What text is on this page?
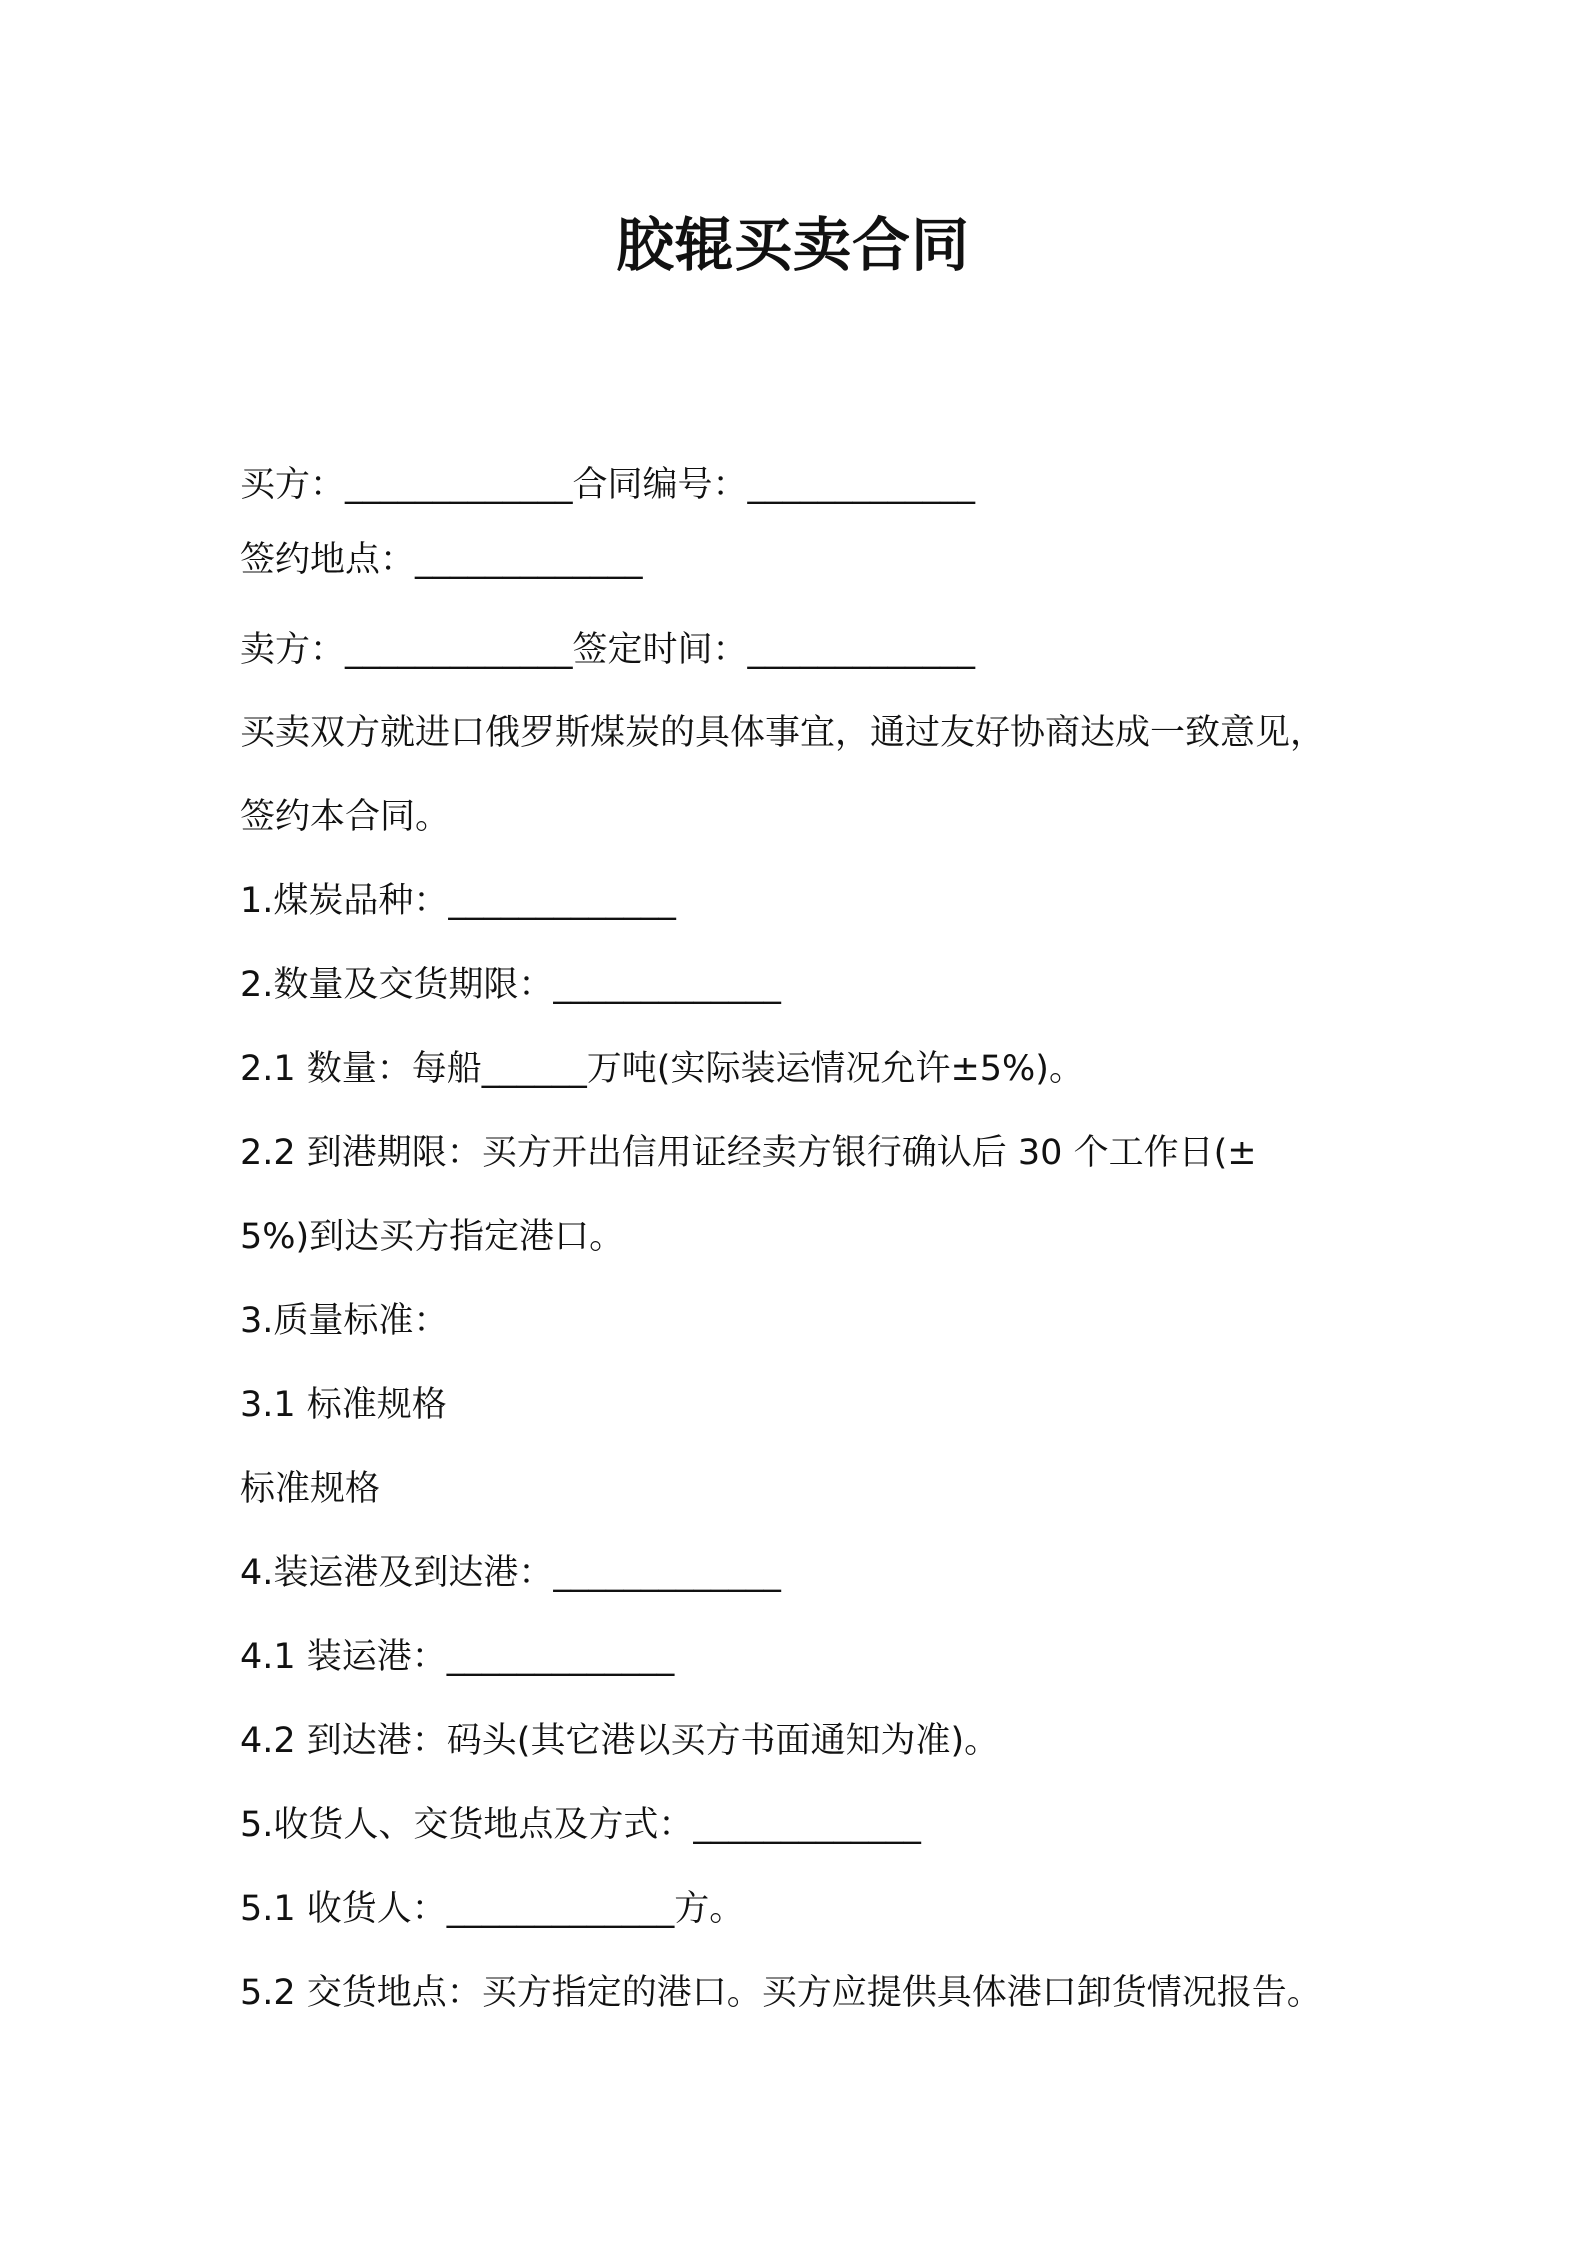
胶辊买卖合同
买方：_____________合同编号：_____________
签约地点：_____________
卖方：_____________签定时间：_____________
买卖双方就进口俄罗斯煤炭的具体事宜，通过友好协商达成一致意见，
签约本合同。
1.煤炭品种：_____________
2.数量及交货期限：_____________
2.1 数量：每船______万吨(实际装运情况允许±5%)。
2.2 到港期限：买方开出信用证经卖方银行确认后 30 个工作日(±
5%)到达买方指定港口。
3.质量标准：
3.1 标准规格
标准规格
4.装运港及到达港：_____________
4.1 装运港：_____________
4.2 到达港：码头(其它港以买方书面通知为准)。
5.收货人、交货地点及方式：_____________
5.1 收货人：_____________方。
5.2 交货地点：买方指定的港口。买方应提供具体港口卸货情况报告。
